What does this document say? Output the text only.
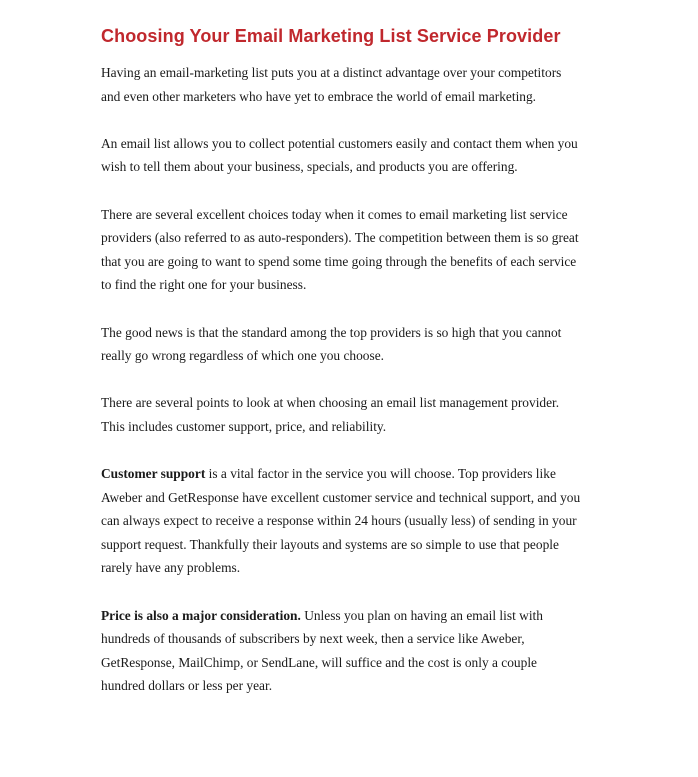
Choosing Your Email Marketing List Service Provider
Having an email-marketing list puts you at a distinct advantage over your competitors
and even other marketers who have yet to embrace the world of email marketing.
An email list allows you to collect potential customers easily and contact them when you
wish to tell them about your business, specials, and products you are offering.
There are several excellent choices today when it comes to email marketing list service
providers (also referred to as auto-responders). The competition between them is so great
that you are going to want to spend some time going through the benefits of each service
to find the right one for your business.
The good news is that the standard among the top providers is so high that you cannot
really go wrong regardless of which one you choose.
There are several points to look at when choosing an email list management provider.
This includes customer support, price, and reliability.
Customer support is a vital factor in the service you will choose. Top providers like
Aweber and GetResponse have excellent customer service and technical support, and you
can always expect to receive a response within 24 hours (usually less) of sending in your
support request. Thankfully their layouts and systems are so simple to use that people
rarely have any problems.
Price is also a major consideration. Unless you plan on having an email list with
hundreds of thousands of subscribers by next week, then a service like Aweber,
GetResponse, MailChimp, or SendLane, will suffice and the cost is only a couple
hundred dollars or less per year.
